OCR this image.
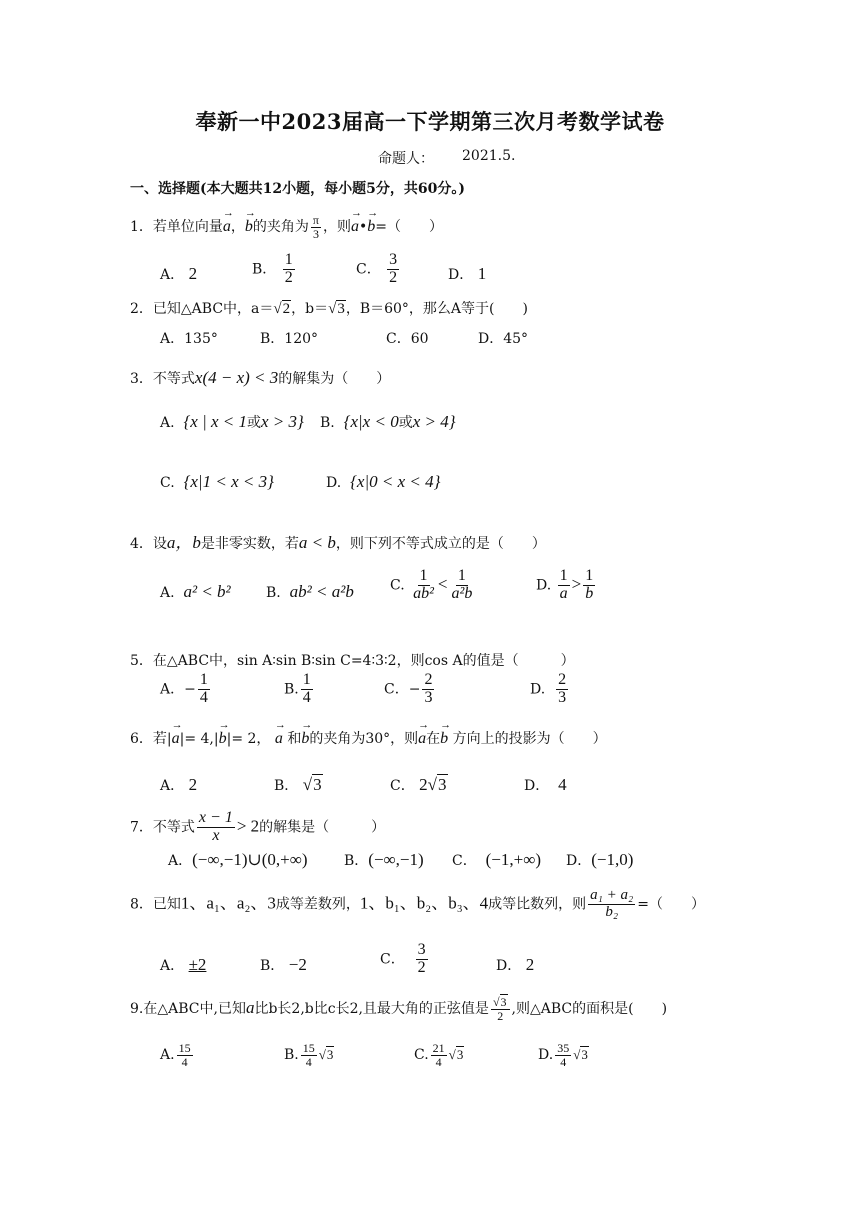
奉新一中2023届高一下学期第三次月考数学试卷
命题人： 2021.5.
一、选择题(本大题共12小题，每小题5分，共60分。)
1．若单位向量→ a，→ b的夹角为 $\frac{\pi}{3}$ ，则→ a•→ b=（　　）
A． 2	B． $\frac{1}{2}$	C． $\frac{3}{2}$	D． 1
2．已知△ABC中，a＝√2，b＝√3，B＝60°，那么A等于(　　)
A．135°	B．120°	C．60	D．45°
3．不等式x(4 − x) < 3的解集为（　　）
A. {x | x < 1或x > 3} B. {x|x < 0或x > 4}
C. {x|1 < x < 3}	D. {x|0 < x < 4}
4．设a，b是非零实数，若a < b，则下列不等式成立的是（　　）
A. a² < b²	B. ab² < a²b	C. $\frac{1}{\text{ab²}} < \frac{1}{\text{a²b}}$	D. $\frac{1}{a} > \frac{1}{b}$
5．在△ABC中，sin A∶sin B∶sin C=4∶3∶2，则cos A的值是（　　　）
A．− $\frac{1}{4}$	B. $\frac{1}{4}$	C．− $\frac{2}{3}$	D. $\frac{2}{3}$
6．若|→ a|= 4,|→ b|= 2， → a 和→ b的夹角为30°，则→ a在→ b 方向上的投影为（　　）
A． 2	B． √3	C． 2√3	D． 4
7．不等式 $\frac{x - 1}{x} > 2$的解集是（　　　）
A．(−∞,−1)∪(0,+∞)	B．(−∞,−1) C． (−1,+∞) D．(−1,0)
8．已知1、a₁、a₂、3成等差数列，1、b₁、b₂、b₃、4成等比数列，则 $\frac{\text{a₁ + a₂}}{\text{b₂}}$ =（　　）
A． ±2	B． −2	C． $\frac{3}{2}$	D． 2
9.在△ABC中,已知a比b长2,b比c长2,且最大角的正弦值是 $\frac{√3}{2}$ ,则△ABC的面积是(　　)
A. $\frac{15}{4}$	B. $\frac{15}{4} √3$	C. $\frac{21}{4} √3$	D. $\frac{35}{4} √3$
